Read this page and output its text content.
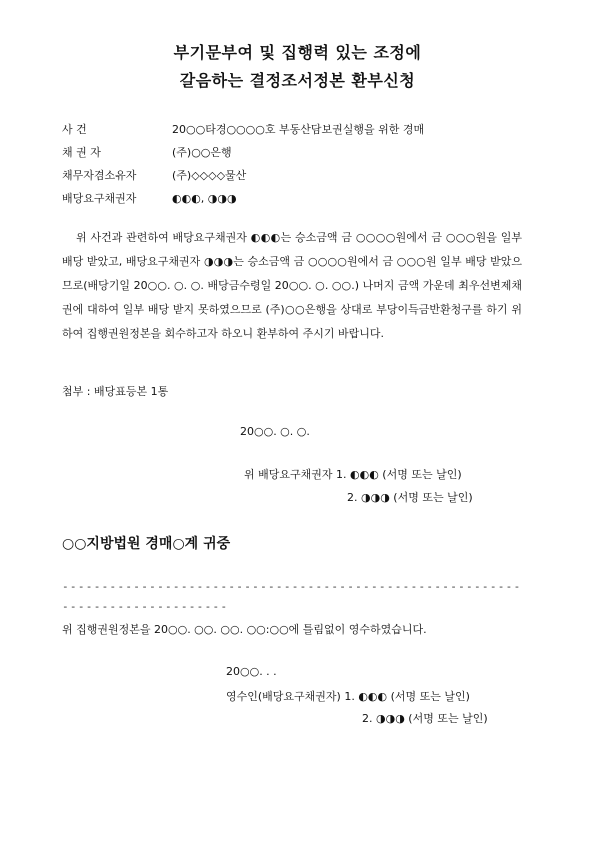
부기문부여 및 집행력 있는 조정에
갈음하는 결정조서정본 환부신청
사 건	20○○타경○○○○호 부동산담보권실행을 위한 경매
채 권 자	(주)○○은행
채무자겸소유자	(주)◇◇◇◇물산
배당요구채권자	◐◐◐, ◑◑◑
위 사건과 관련하여 배당요구채권자 ◐◐◐는 승소금액 금 ○○○○원에서 금 ○○○원을 일부 배당 받았고, 배당요구채권자 ◑◑◑는 승소금액 금 ○○○○원에서 금 ○○○원 일부 배당 받았으므로(배당기일 20○○. ○. ○. 배당금수령일 20○○. ○. ○○.) 나머지 금액 가운데 최우선변제채권에 대하여 일부 배당 받지 못하였으므로 (주)○○은행을 상대로 부당이득금반환청구를 하기 위하여 집행권원정본을 회수하고자 하오니 환부하여 주시기 바랍니다.
첨부 : 배당표등본 1통
20○○. ○. ○.
위 배당요구채권자 1. ◐◐◐ (서명 또는 날인)
2. ◑◑◑ (서명 또는 날인)
○○지방법원 경매○계 귀중
-------------------------------------------------------------------------------
위 집행권원정본을 20○○. ○○. ○○. ○○:○○에 틀림없이 영수하였습니다.
20○○. . .
영수인(배당요구채권자) 1. ◐◐◐ (서명 또는 날인)
2. ◑◑◑ (서명 또는 날인)
